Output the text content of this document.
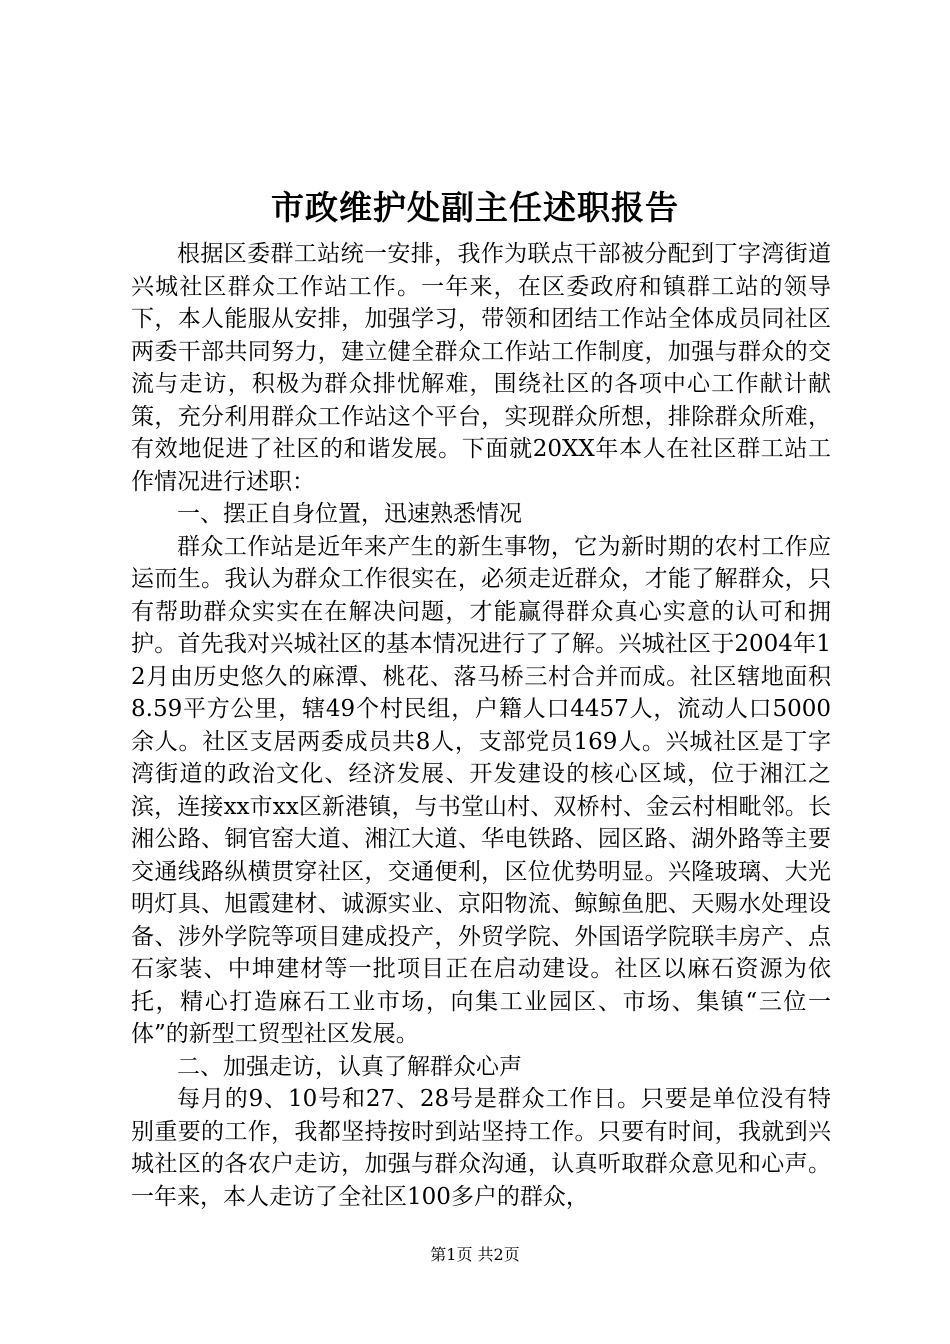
市政维护处副主任述职报告

根据区委群工站统一安排，我作为联点干部被分配到丁字湾街道兴城社区群众工作站工作。一年来，在区委政府和镇群工站的领导下，本人能服从安排，加强学习，带领和团结工作站全体成员同社区两委干部共同努力，建立健全群众工作站工作制度，加强与群众的交流与走访，积极为群众排忧解难，围绕社区的各项中心工作献计献策，充分利用群众工作站这个平台，实现群众所想，排除群众所难，有效地促进了社区的和谐发展。下面就20XX年本人在社区群工站工作情况进行述职：

一、摆正自身位置，迅速熟悉情况

群众工作站是近年来产生的新生事物，它为新时期的农村工作应运而生。我认为群众工作很实在，必须走近群众，才能了解群众，只有帮助群众实实在在解决问题，才能赢得群众真心实意的认可和拥护。首先我对兴城社区的基本情况进行了了解。兴城社区于2004年12月由历史悠久的麻潭、桃花、落马桥三村合并而成。社区辖地面积8.59平方公里，辖49个村民组，户籍人口4457人，流动人口5000余人。社区支居两委成员共8人，支部党员169人。兴城社区是丁字湾街道的政治文化、经济发展、开发建设的核心区域，位于湘江之滨，连接xx市xx区新港镇，与书堂山村、双桥村、金云村相毗邻。长湘公路、铜官窑大道、湘江大道、华电铁路、园区路、湖外路等主要交通线路纵横贯穿社区，交通便利，区位优势明显。兴隆玻璃、大光明灯具、旭霞建材、诚源实业、京阳物流、鲸鲸鱼肥、天赐水处理设备、涉外学院等项目建成投产，外贸学院、外国语学院联丰房产、点石家装、中坤建材等一批项目正在启动建设。社区以麻石资源为依托，精心打造麻石工业市场，向集工业园区、市场、集镇“三位一体”的新型工贸型社区发展。

二、加强走访，认真了解群众心声

每月的9、10号和27、28号是群众工作日。只要是单位没有特别重要的工作，我都坚持按时到站坚持工作。只要有时间，我就到兴城社区的各农户走访，加强与群众沟通，认真听取群众意见和心声。一年来，本人走访了全社区100多户的群众，

第1页 共2页
